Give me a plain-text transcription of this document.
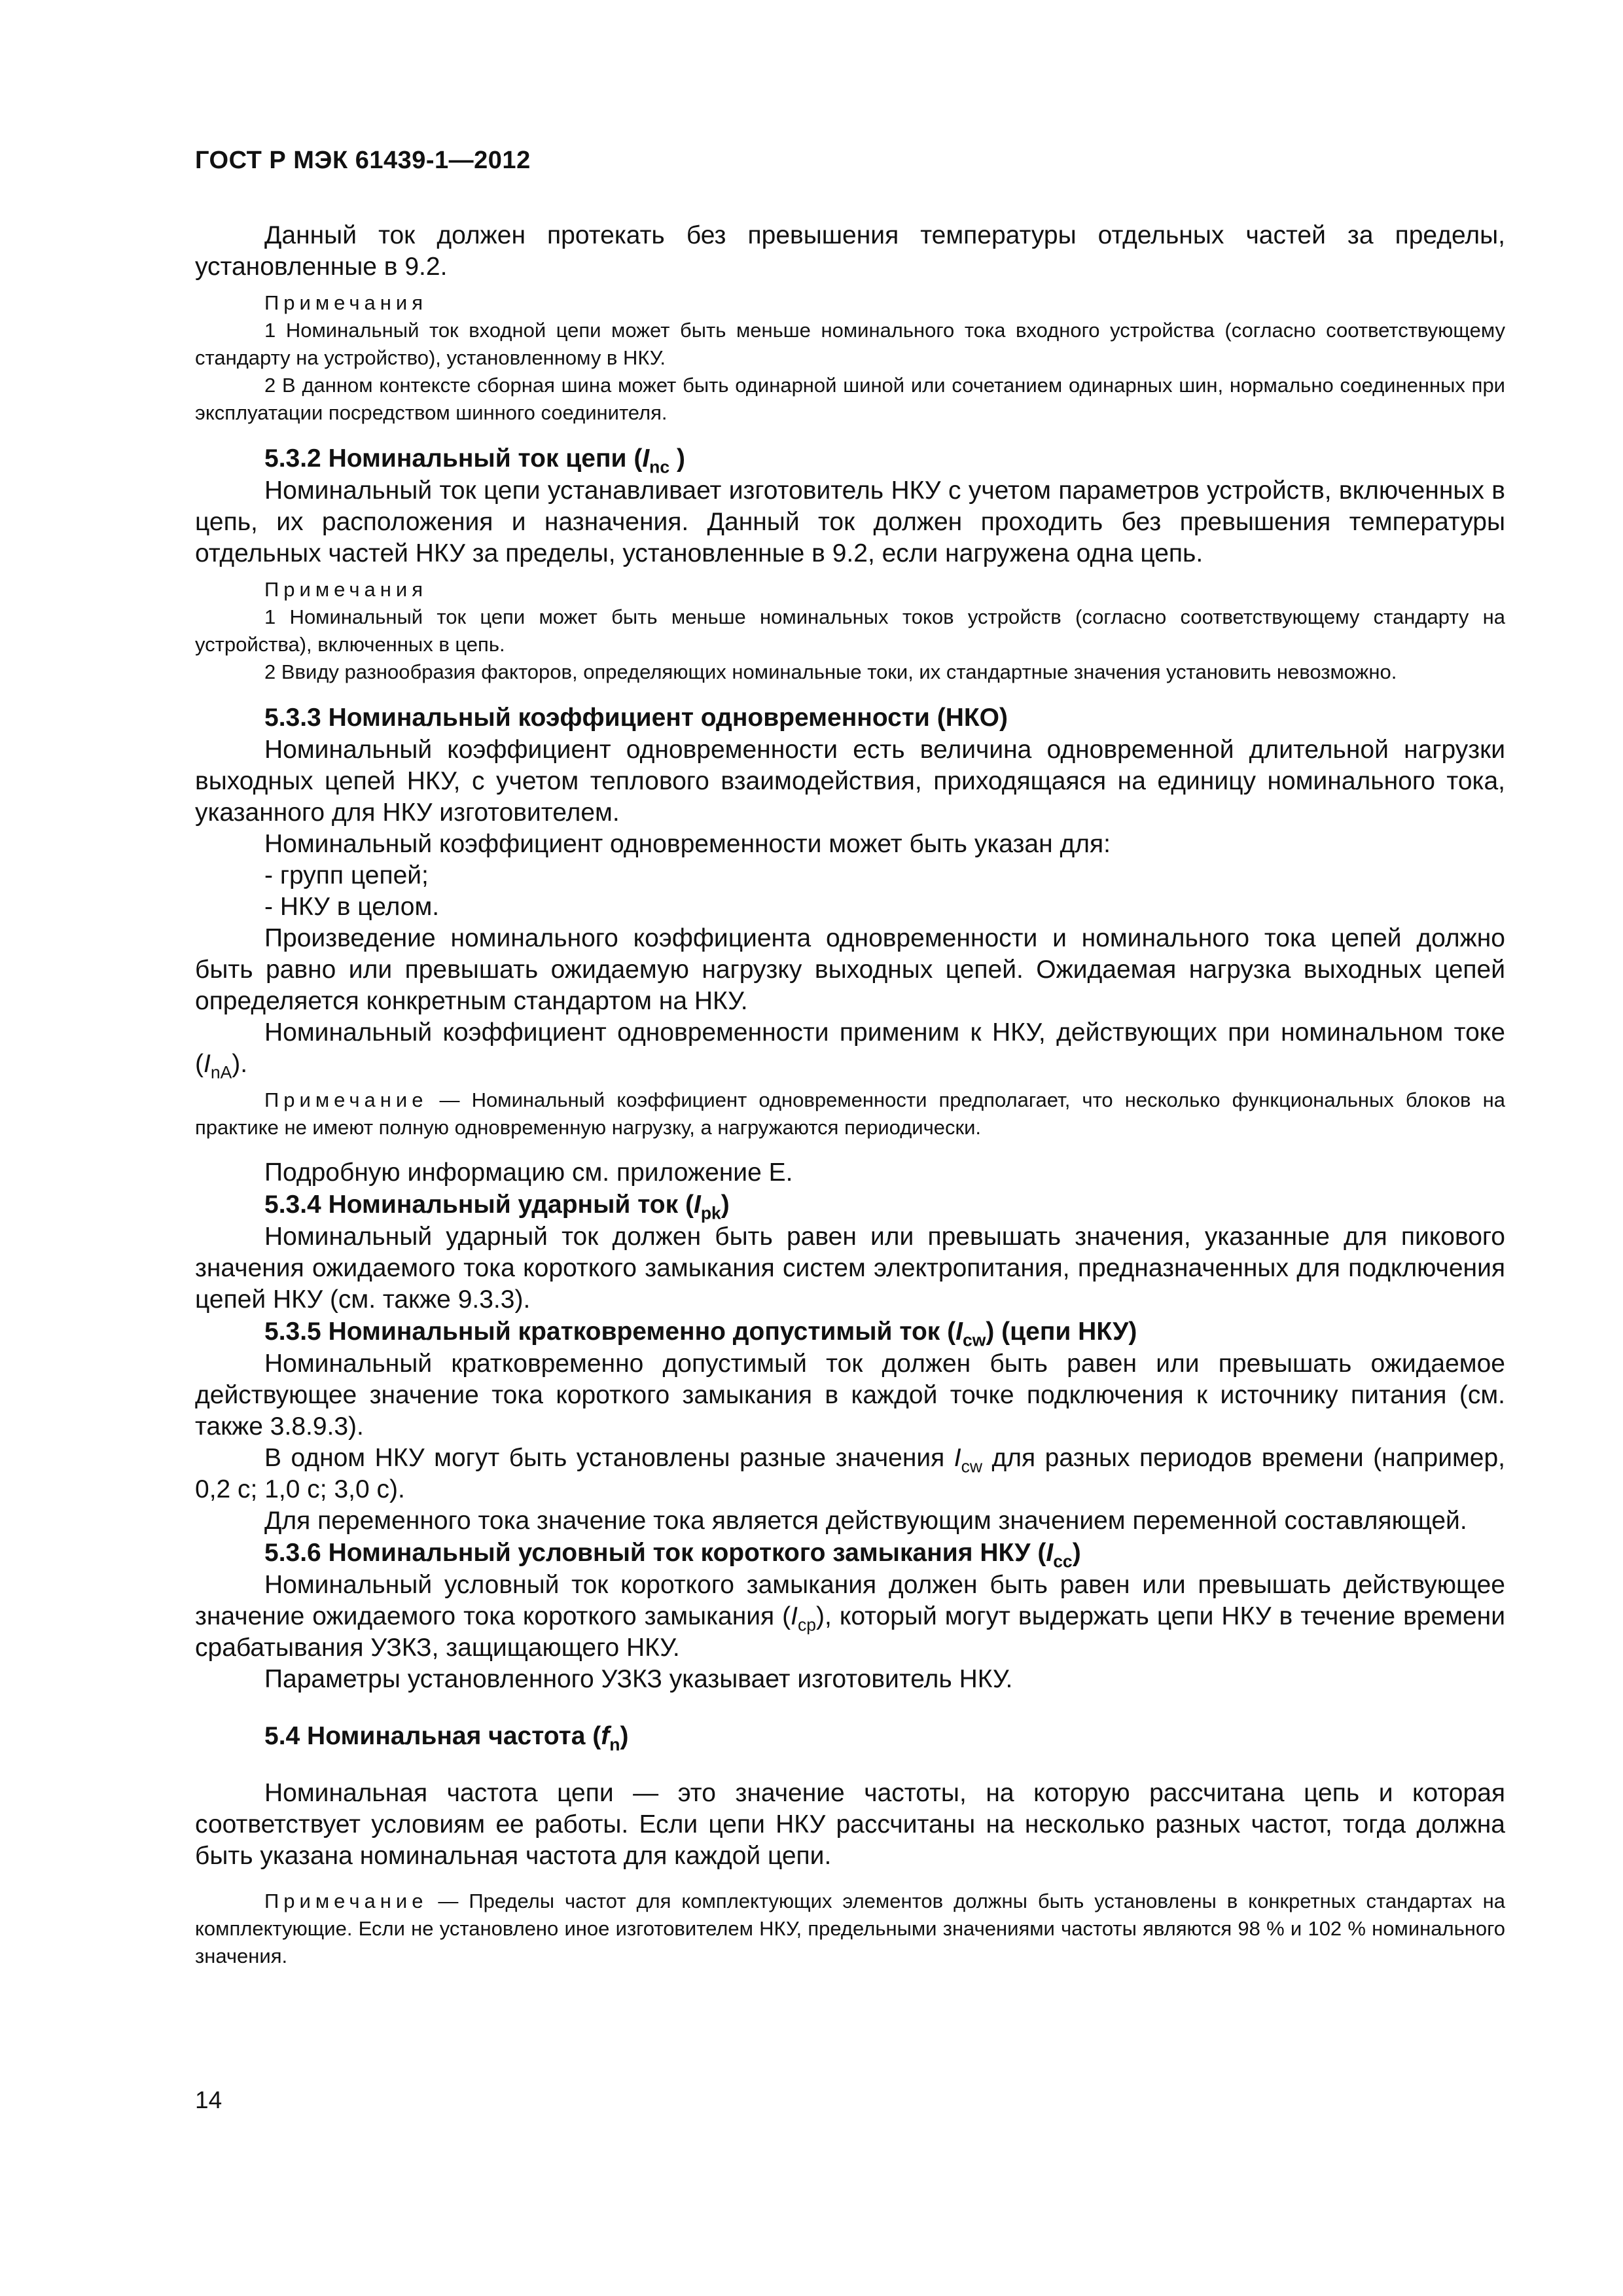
ГОСТ Р МЭК 61439-1—2012

Данный ток должен протекать без превышения температуры отдельных частей за пределы, установленные в 9.2.

Примечания

1 Номинальный ток входной цепи может быть меньше номинального тока входного устройства (согласно соответствующему стандарту на устройство), установленному в НКУ.

2 В данном контексте сборная шина может быть одинарной шиной или сочетанием одинарных шин, нормально соединенных при эксплуатации посредством шинного соединителя.

5.3.2 Номинальный ток цепи ($I_{nc}$ )

Номинальный ток цепи устанавливает изготовитель НКУ с учетом параметров устройств, включенных в цепь, их расположения и назначения. Данный ток должен проходить без превышения температуры отдельных частей НКУ за пределы, установленные в 9.2, если нагружена одна цепь.

Примечания

1 Номинальный ток цепи может быть меньше номинальных токов устройств (согласно соответствующему стандарту на устройства), включенных в цепь.

2 Ввиду разнообразия факторов, определяющих номинальные токи, их стандартные значения установить невозможно.

5.3.3 Номинальный коэффициент одновременности (НКО)

Номинальный коэффициент одновременности есть величина одновременной длительной нагрузки выходных цепей НКУ, с учетом теплового взаимодействия, приходящаяся на единицу номинального тока, указанного для НКУ изготовителем.

Номинальный коэффициент одновременности может быть указан для:

- групп цепей;

- НКУ в целом.

Произведение номинального коэффициента одновременности и номинального тока цепей должно быть равно или превышать ожидаемую нагрузку выходных цепей. Ожидаемая нагрузка выходных цепей определяется конкретным стандартом на НКУ.

Номинальный коэффициент одновременности применим к НКУ, действующих при номинальном токе $(I_{nA})$.

Примечание — Номинальный коэффициент одновременности предполагает, что несколько функциональных блоков на практике не имеют полную одновременную нагрузку, а нагружаются периодически.

Подробную информацию см. приложение Е.

5.3.4 Номинальный ударный ток $(I_{pk})$

Номинальный ударный ток должен быть равен или превышать значения, указанные для пикового значения ожидаемого тока короткого замыкания систем электропитания, предназначенных для подключения цепей НКУ (см. также 9.3.3).

5.3.5 Номинальный кратковременно допустимый ток $(I_{cw})$ (цепи НКУ)

Номинальный кратковременно допустимый ток должен быть равен или превышать ожидаемое действующее значение тока короткого замыкания в каждой точке подключения к источнику питания (см. также 3.8.9.3).

В одном НКУ могут быть установлены разные значения $I_{cw}$ для разных периодов времени (например, 0,2 с; 1,0 с; 3,0 с).

Для переменного тока значение тока является действующим значением переменной составляющей.

5.3.6 Номинальный условный ток короткого замыкания НКУ $(I_{cc})$

Номинальный условный ток короткого замыкания должен быть равен или превышать действующее значение ожидаемого тока короткого замыкания $(I_{cp})$, который могут выдержать цепи НКУ в течение времени срабатывания УЗКЗ, защищающего НКУ.

Параметры установленного УЗКЗ указывает изготовитель НКУ.

5.4 Номинальная частота $(f_n)$

Номинальная частота цепи — это значение частоты, на которую рассчитана цепь и которая соответствует условиям ее работы. Если цепи НКУ рассчитаны на несколько разных частот, тогда должна быть указана номинальная частота для каждой цепи.

Примечание — Пределы частот для комплектующих элементов должны быть установлены в конкретных стандартах на комплектующие. Если не установлено иное изготовителем НКУ, предельными значениями частоты являются 98 % и 102 % номинального значения.

14
